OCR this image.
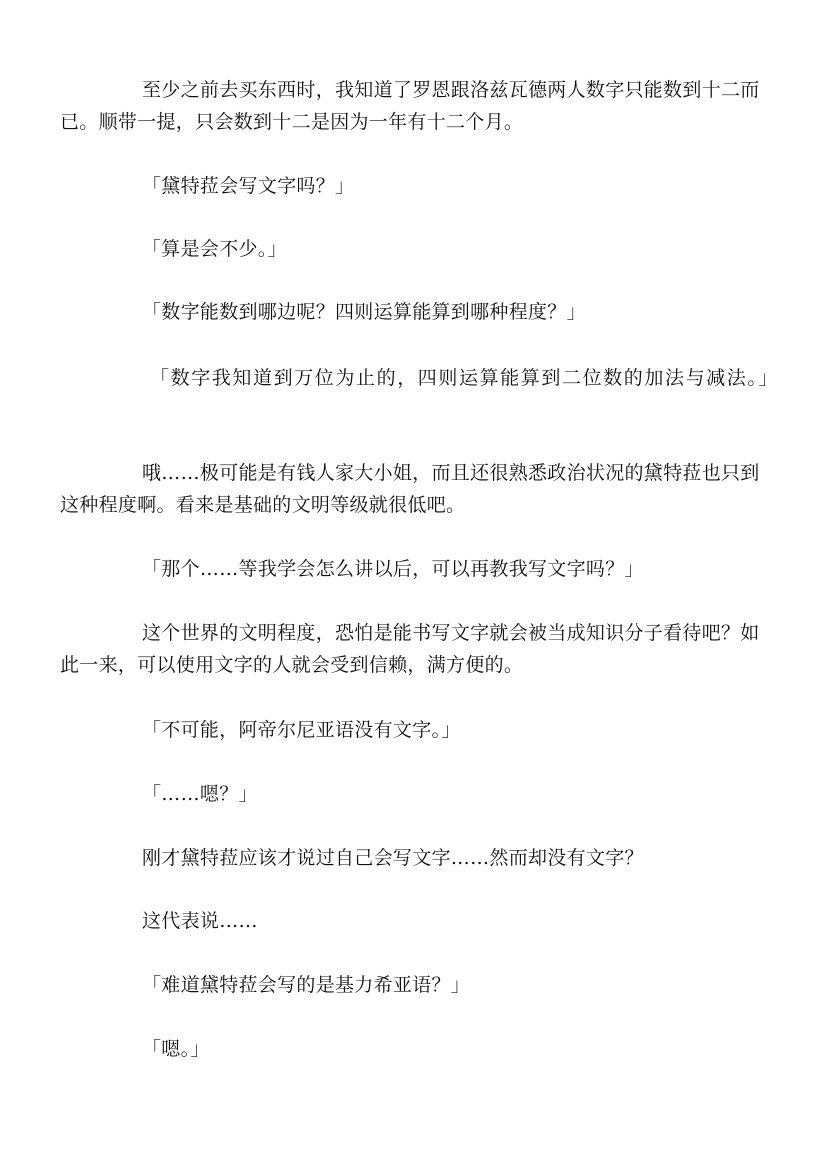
至少之前去买东西时，我知道了罗恩跟洛兹瓦德两人数字只能数到十二而已。顺带一提，只会数到十二是因为一年有十二个月。

「黛特菈会写文字吗？」

「算是会不少。」

「数字能数到哪边呢？四则运算能算到哪种程度？」

「数字我知道到万位为止的，四则运算能算到二位数的加法与减法。」

哦……极可能是有钱人家大小姐，而且还很熟悉政治状况的黛特菈也只到这种程度啊。看来是基础的文明等级就很低吧。

「那个……等我学会怎么讲以后，可以再教我写文字吗？」

这个世界的文明程度，恐怕是能书写文字就会被当成知识分子看待吧？如此一来，可以使用文字的人就会受到信赖，满方便的。

「不可能，阿帝尔尼亚语没有文字。」

「……嗯？」

刚才黛特菈应该才说过自己会写文字……然而却没有文字？

这代表说……

「难道黛特菈会写的是基力希亚语？」

「嗯。」
